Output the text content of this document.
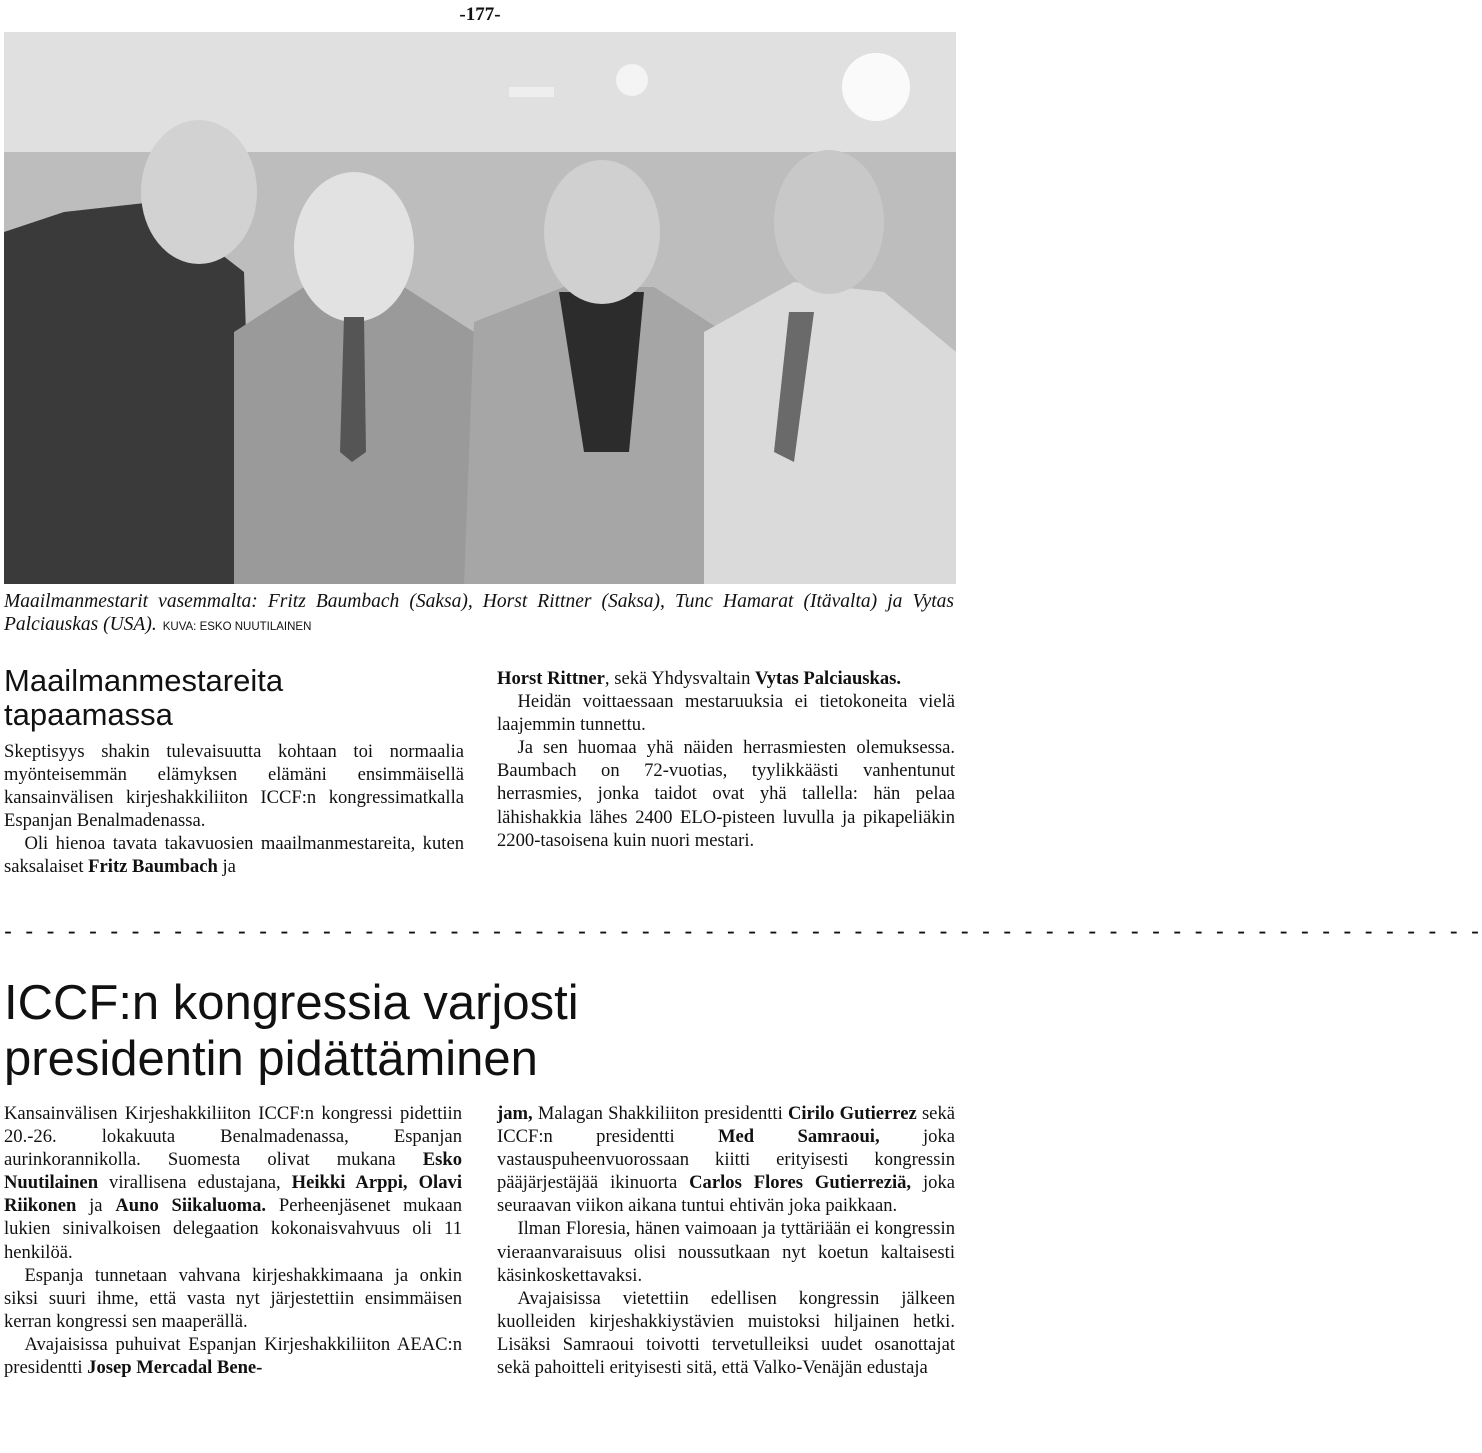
-177-
Maailmanmestarit vasemmalta: Fritz Baumbach (Saksa), Horst Rittner (Saksa), Tunc Hamarat (Itävalta) ja Vytas Palciauskas (USA). KUVA: ESKO NUUTILAINEN
Maailmanmestareita
tapaamassa

Skeptisyys shakin tulevaisuutta kohtaan toi normaalia myönteisemmän elämyksen elämäni ensimmäisellä kansainvälisen kirjeshakkiliiton ICCF:n kongressimatkalla Espanjan Benalmadenassa.

Oli hienoa tavata takavuosien maailmanmestareita, kuten saksalaiset Fritz Baumbach ja

Horst Rittner, sekä Yhdysvaltain Vytas Palciauskas.

Heidän voittaessaan mestaruuksia ei tietokoneita vielä laajemmin tunnettu.

Ja sen huomaa yhä näiden herrasmiesten olemuksessa. Baumbach on 72-vuotias, tyylikkäästi vanhentunut herrasmies, jonka taidot ovat yhä tallella: hän pelaa lähishakkia lähes 2400 ELO-pisteen luvulla ja pikapeliäkin 2200-tasoisena kuin nuori mestari.

- - - - - - - - - - - - - - - - - - - - - - - - - - - - - - - - - - - - - - - - - - - - - - - - - - - - - - - - - - - - - - - - - - - - - -
ICCF:n kongressia varjosti
presidentin pidättäminen

Kansainvälisen Kirjeshakkiliiton ICCF:n kongressi pidettiin 20.-26. lokakuuta Benalmadenassa, Espanjan aurinkorannikolla. Suomesta olivat mukana Esko Nuutilainen virallisena edustajana, Heikki Arppi, Olavi Riikonen ja Auno Siikaluoma. Perheenjäsenet mukaan lukien sinivalkoisen delegaation kokonaisvahvuus oli 11 henkilöä.

Espanja tunnetaan vahvana kirjeshakkimaana ja onkin siksi suuri ihme, että vasta nyt järjestettiin ensimmäisen kerran kongressi sen maaperällä.

Avajaisissa puhuivat Espanjan Kirjeshakkiliiton AEAC:n presidentti Josep Mercadal Bene-

jam, Malagan Shakkiliiton presidentti Cirilo Gutierrez sekä ICCF:n presidentti Med Samraoui, joka vastauspuheenvuorossaan kiitti erityisesti kongressin pääjärjestäjää ikinuorta Carlos Flores Gutierreziä, joka seuraavan viikon aikana tuntui ehtivän joka paikkaan.

Ilman Floresia, hänen vaimoaan ja tyttäriään ei kongressin vieraanvaraisuus olisi noussutkaan nyt koetun kaltaisesti käsinkoskettavaksi.

Avajaisissa vietettiin edellisen kongressin jälkeen kuolleiden kirjeshakkiystävien muistoksi hiljainen hetki. Lisäksi Samraoui toivotti tervetulleiksi uudet osanottajat sekä pahoitteli erityisesti sitä, että Valko-Venäjän edustaja
